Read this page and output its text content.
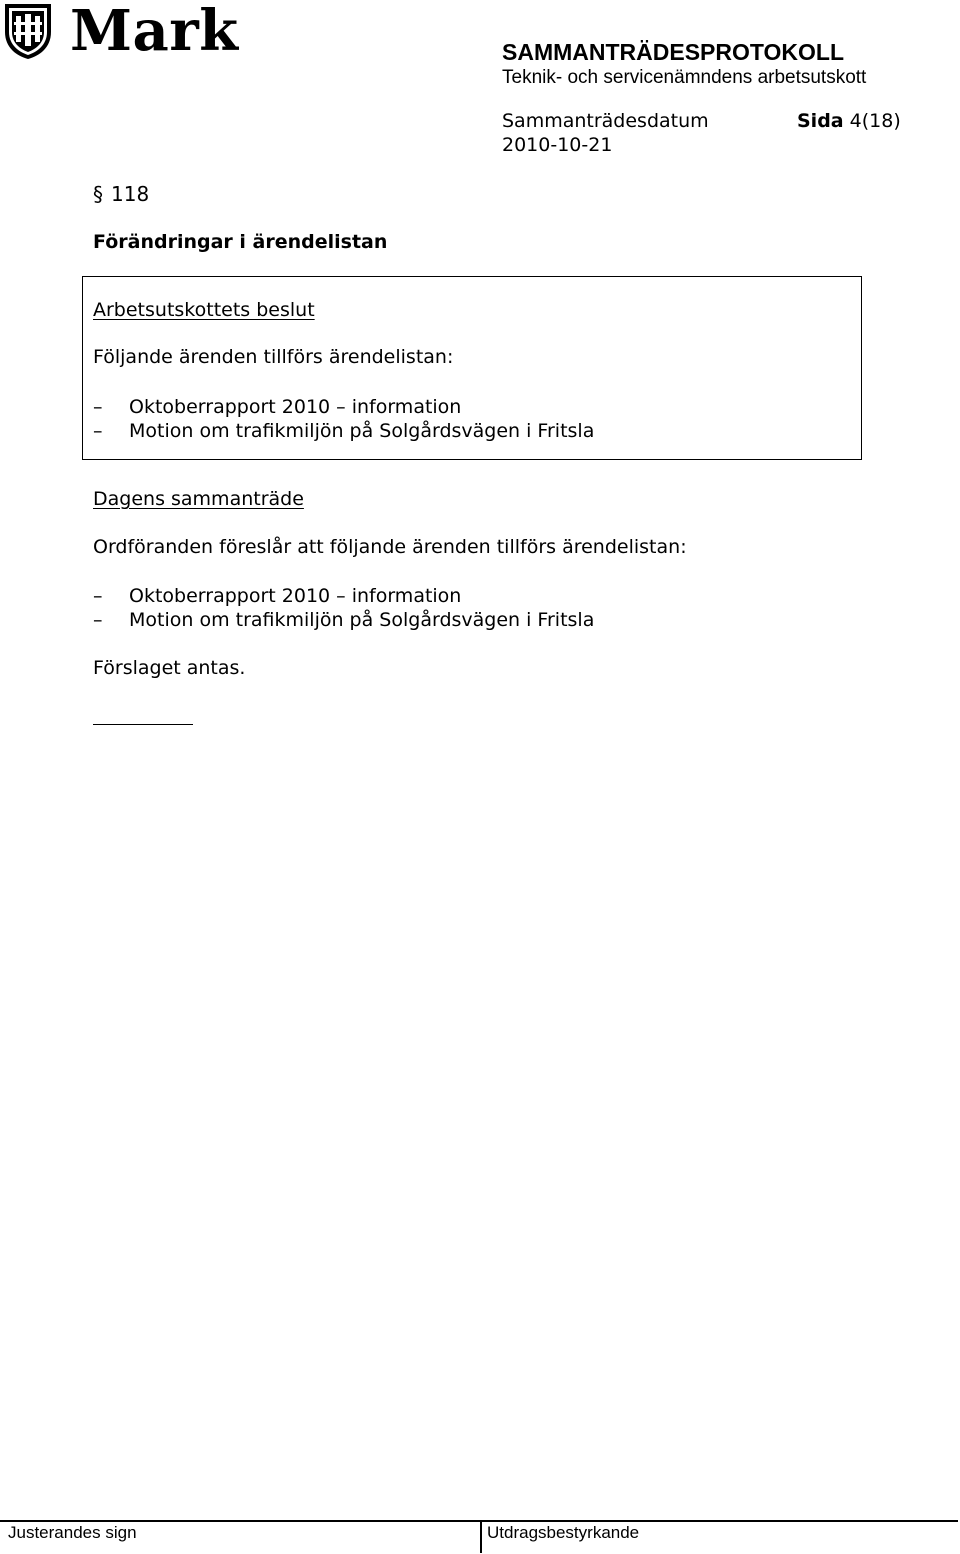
Mark	SAMMANTRÄDESPROTOKOLL
Teknik- och servicenämndens arbetsutskott
Sammanträdesdatum
2010-10-21
Sida 4(18)
§ 118
Förändringar i ärendelistan
Arbetsutskottets beslut
Följande ärenden tillförs ärendelistan:
– Oktoberrapport 2010 – information
– Motion om trafikmiljön på Solgårdsvägen i Fritsla
Dagens sammanträde
Ordföranden föreslår att följande ärenden tillförs ärendelistan:
– Oktoberrapport 2010 – information
– Motion om trafikmiljön på Solgårdsvägen i Fritsla
Förslaget antas.
Justerandes sign	Utdragsbestyrkande
